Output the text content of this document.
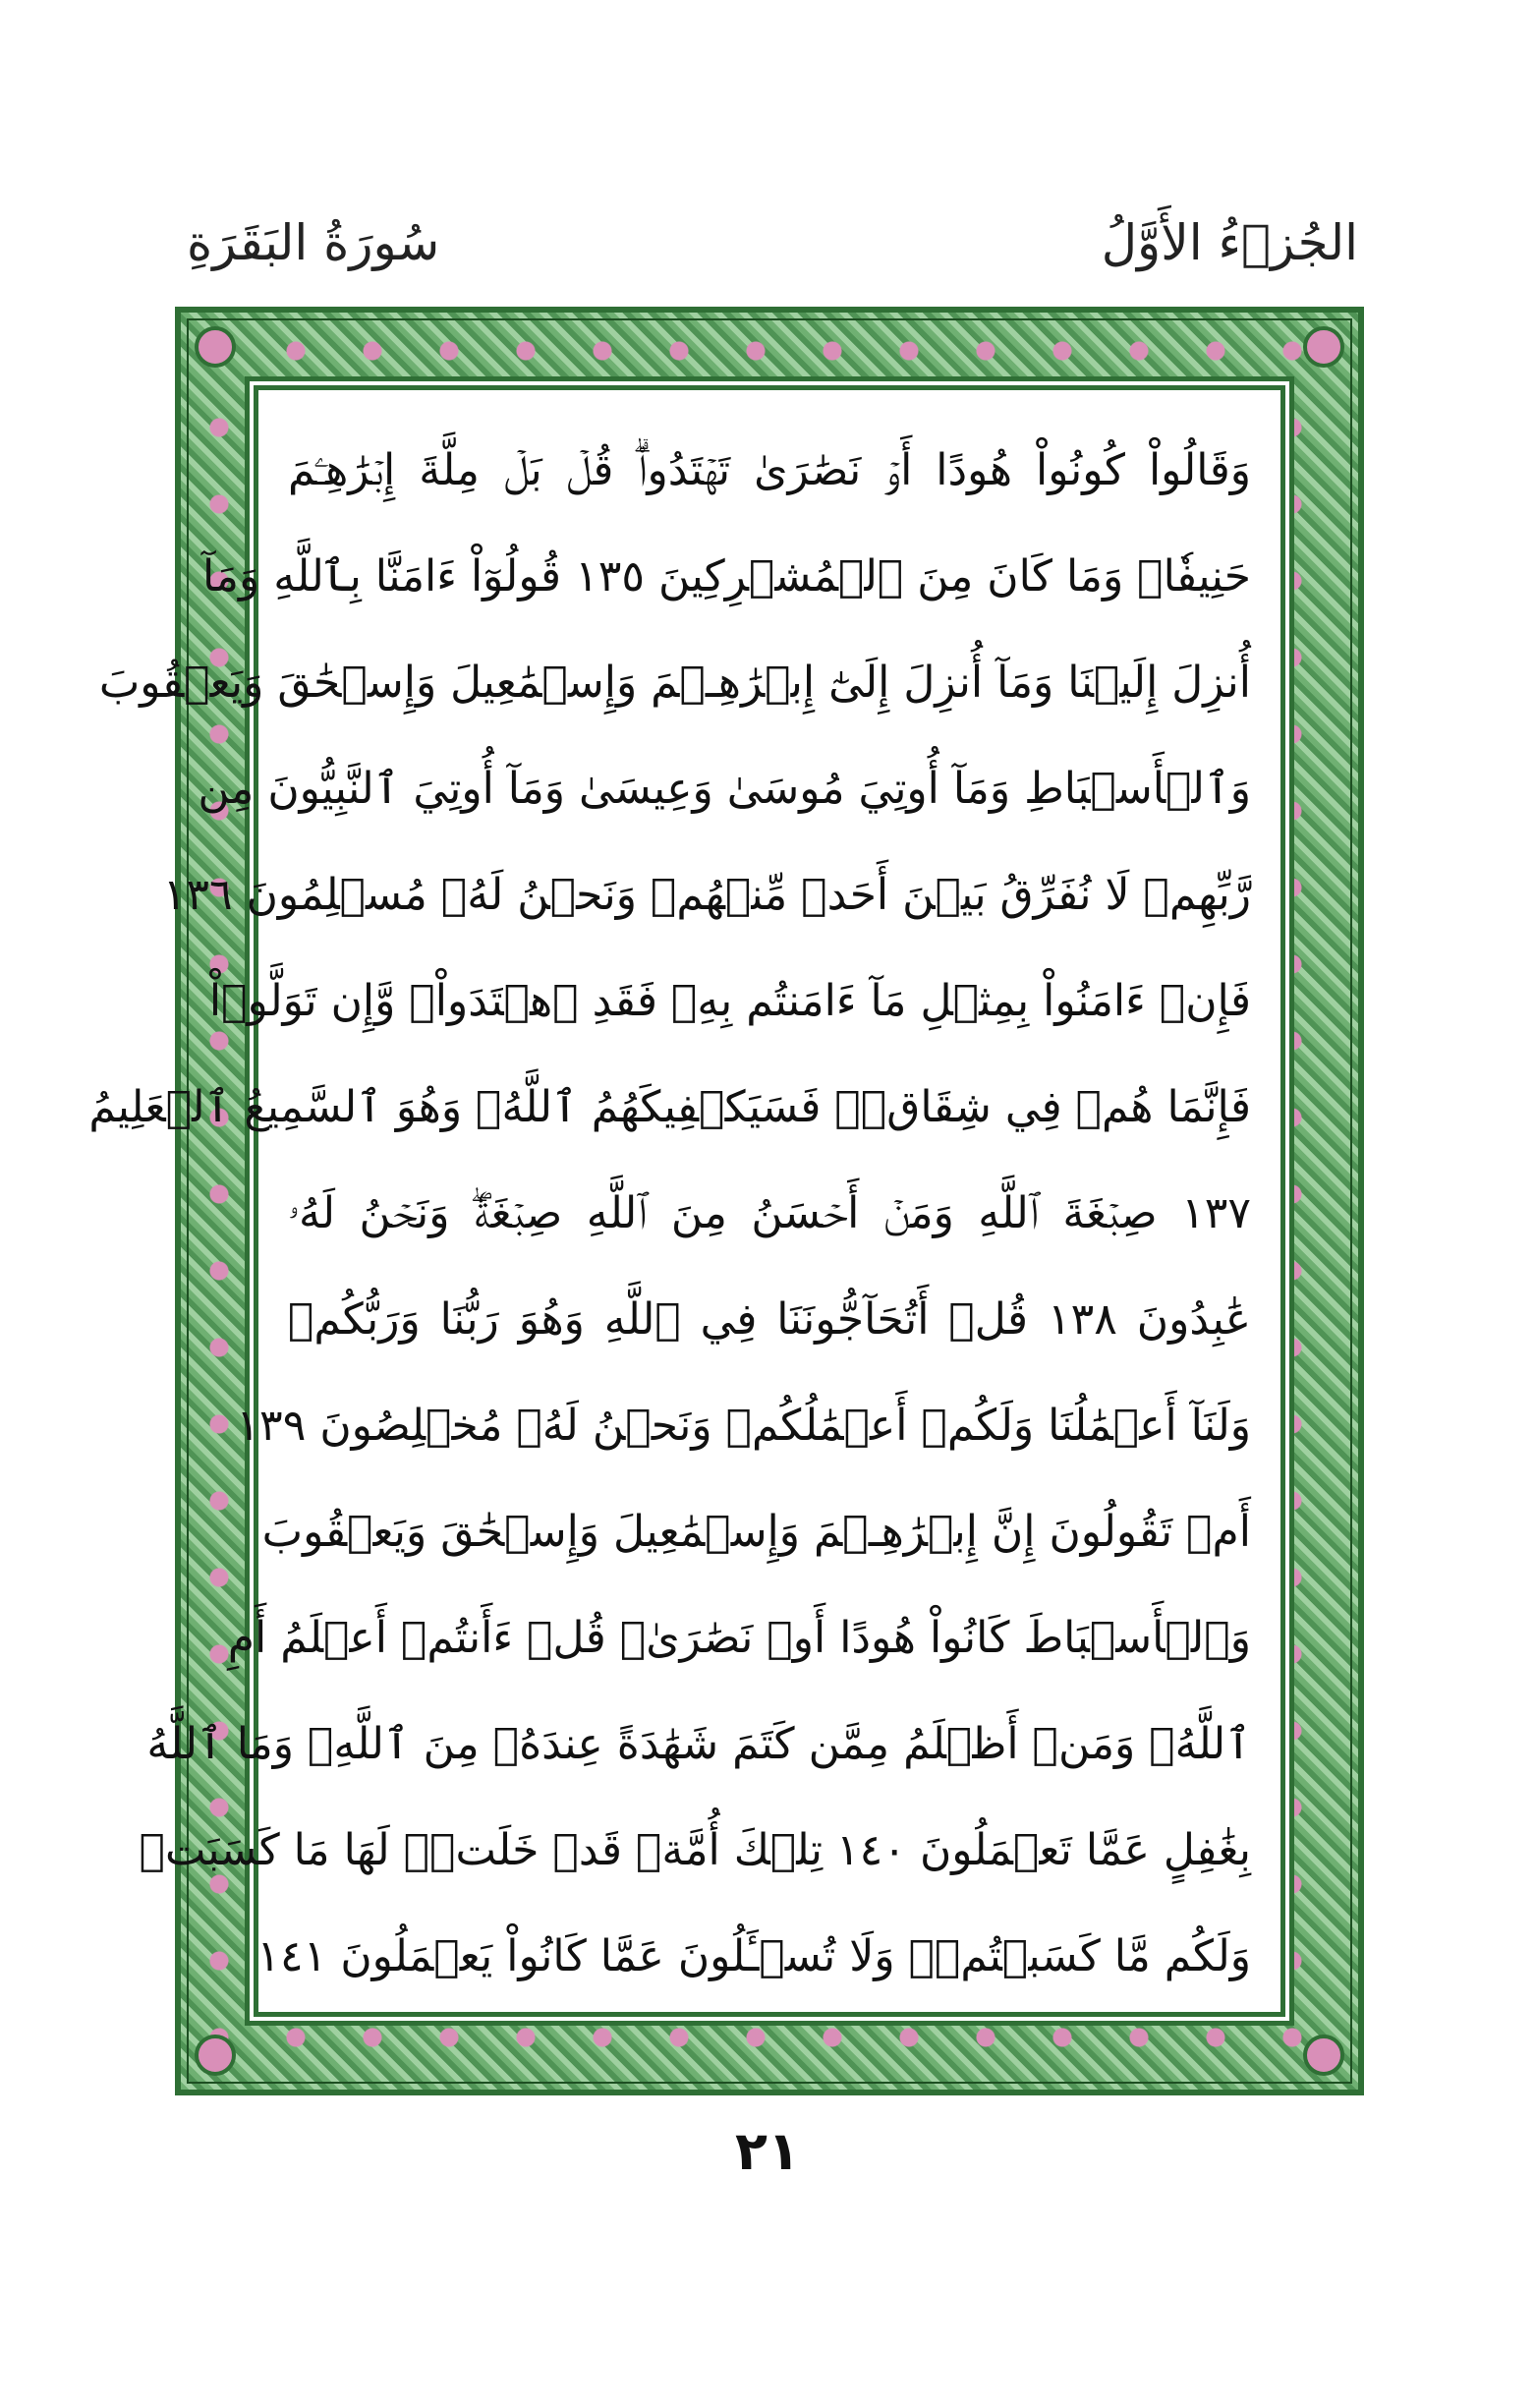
سُورَةُ البَقَرَةِ	الجُزۡءُ الأَوَّلُ
وَقَالُواْ كُونُواْ هُودًا أَوۡ نَصَٰرَىٰ تَهۡتَدُواْۗ قُلۡ بَلۡ مِلَّةَ إِبۡرَٰهِـۧمَ
حَنِيفٗاۖ وَمَا كَانَ مِنَ ٱلۡمُشۡرِكِينَ ١٣٥ قُولُوٓاْ ءَامَنَّا بِٱللَّهِ وَمَآ
أُنزِلَ إِلَيۡنَا وَمَآ أُنزِلَ إِلَىٰٓ إِبۡرَٰهِـۧمَ وَإِسۡمَٰعِيلَ وَإِسۡحَٰقَ وَيَعۡقُوبَ
وَٱلۡأَسۡبَاطِ وَمَآ أُوتِيَ مُوسَىٰ وَعِيسَىٰ وَمَآ أُوتِيَ ٱلنَّبِيُّونَ مِن
رَّبِّهِمۡ لَا نُفَرِّقُ بَيۡنَ أَحَدٖ مِّنۡهُمۡ وَنَحۡنُ لَهُۥ مُسۡلِمُونَ ١٣٦
فَإِنۡ ءَامَنُواْ بِمِثۡلِ مَآ ءَامَنتُم بِهِۦ فَقَدِ ٱهۡتَدَواْۖ وَّإِن تَوَلَّوۡاْ
فَإِنَّمَا هُمۡ فِي شِقَاقٖۖ فَسَيَكۡفِيكَهُمُ ٱللَّهُۚ وَهُوَ ٱلسَّمِيعُ ٱلۡعَلِيمُ
١٣٧ صِبۡغَةَ ٱللَّهِ وَمَنۡ أَحۡسَنُ مِنَ ٱللَّهِ صِبۡغَةٗۖ وَنَحۡنُ لَهُۥ
عَٰبِدُونَ ١٣٨ قُلۡ أَتُحَآجُّونَنَا فِي ٱللَّهِ وَهُوَ رَبُّنَا وَرَبُّكُمۡ
وَلَنَآ أَعۡمَٰلُنَا وَلَكُمۡ أَعۡمَٰلُكُمۡ وَنَحۡنُ لَهُۥ مُخۡلِصُونَ ١٣٩
أَمۡ تَقُولُونَ إِنَّ إِبۡرَٰهِـۧمَ وَإِسۡمَٰعِيلَ وَإِسۡحَٰقَ وَيَعۡقُوبَ
وَٱلۡأَسۡبَاطَ كَانُواْ هُودًا أَوۡ نَصَٰرَىٰۗ قُلۡ ءَأَنتُمۡ أَعۡلَمُ أَمِ
ٱللَّهُۗ وَمَنۡ أَظۡلَمُ مِمَّن كَتَمَ شَهَٰدَةً عِندَهُۥ مِنَ ٱللَّهِۗ وَمَا ٱللَّهُ
بِغَٰفِلٍ عَمَّا تَعۡمَلُونَ ١٤٠ تِلۡكَ أُمَّةٞ قَدۡ خَلَتۡۖ لَهَا مَا كَسَبَتۡ
وَلَكُم مَّا كَسَبۡتُمۡۖ وَلَا تُسۡـَٔلُونَ عَمَّا كَانُواْ يَعۡمَلُونَ ١٤١
٢١
